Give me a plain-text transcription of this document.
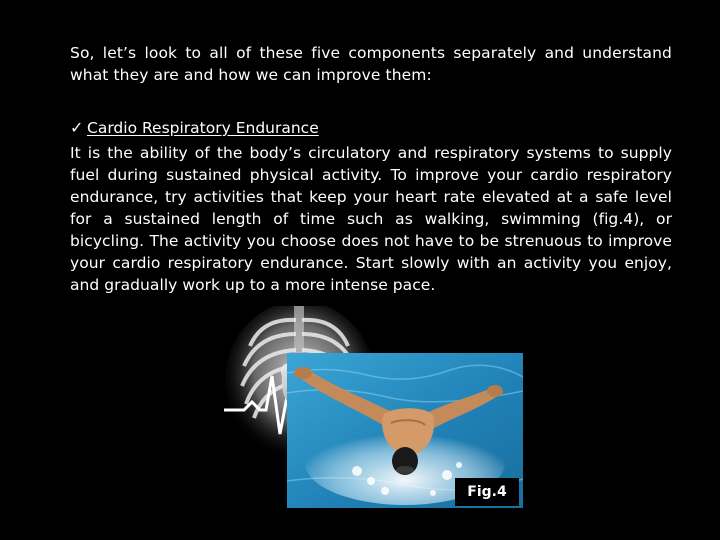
So, let’s look to all of these five components separately and understand what they are and how we can improve them:

✓ Cardio Respiratory Endurance

It is the ability of the body’s circulatory and respiratory systems to supply fuel during sustained physical activity. To improve your cardio respiratory endurance, try activities that keep your heart rate elevated at a safe level for a sustained length of time such as walking, swimming (fig.4), or bicycling. The activity you choose does not have to be strenuous to improve your cardio respiratory endurance. Start slowly with an activity you enjoy, and gradually work up to a more intense pace.

Fig.4
